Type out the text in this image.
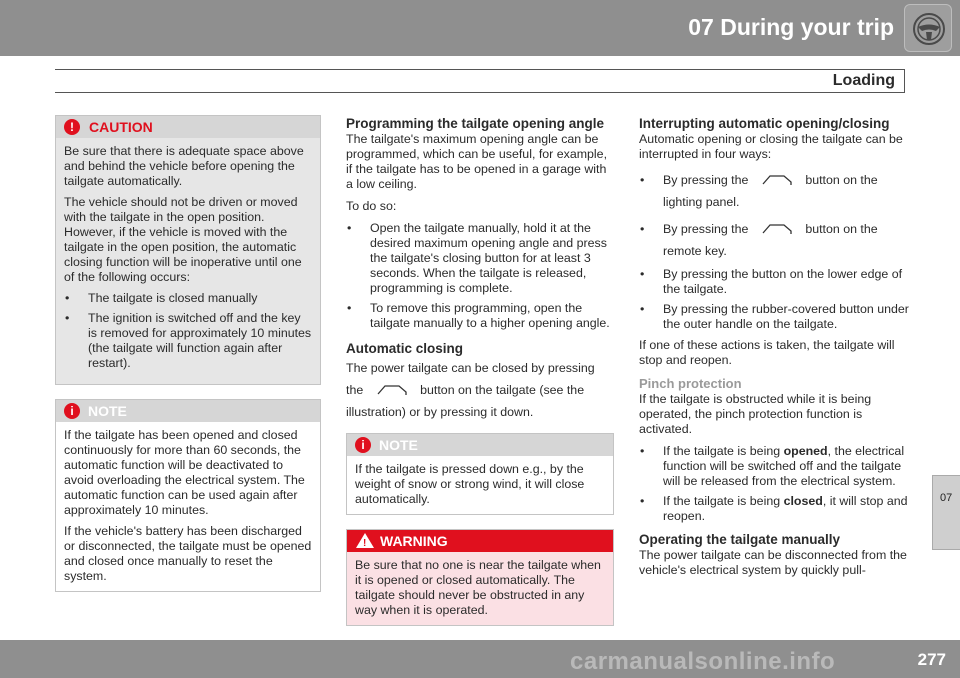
07 During your trip
Loading
07
!	CAUTION

Be sure that there is adequate space above and behind the vehicle before opening the tailgate automatically.

The vehicle should not be driven or moved with the tailgate in the open position. However, if the vehicle is moved with the tailgate in the open position, the automatic closing function will be inoperative until one of the following occurs:

• The tailgate is closed manually
• The ignition is switched off and the key is removed for approximately 10 minutes (the tailgate will function again after restart).
i	NOTE

If the tailgate has been opened and closed continuously for more than 60 seconds, the automatic function will be deactivated to avoid overloading the electrical system. The automatic function can be used again after approximately 10 minutes.

If the vehicle's battery has been discharged or disconnected, the tailgate must be opened and closed once manually to reset the system.

Programming the tailgate opening angle

The tailgate's maximum opening angle can be programmed, which can be useful, for example, if the tailgate has to be opened in a garage with a low ceiling.

To do so:

• Open the tailgate manually, hold it at the desired maximum opening angle and press the tailgate's closing button for at least 3 seconds. When the tailgate is released, programming is complete.
• To remove this programming, open the tailgate manually to a higher opening angle.
Automatic closing

The power tailgate can be closed by pressing the	button on the tailgate (see the illustration) or by pressing it down.

i	NOTE

If the tailgate is pressed down e.g., by the weight of snow or strong wind, it will close automatically.

! WARNING

Be sure that no one is near the tailgate when it is opened or closed automatically. The tailgate should never be obstructed in any way when it is operated.

Interrupting automatic opening/closing

Automatic opening or closing the tailgate can be interrupted in four ways:

• By pressing the	button on the lighting panel.
• By pressing the	button on the remote key.
• By pressing the button on the lower edge of the tailgate.
• By pressing the rubber-covered button under the outer handle on the tailgate.

If one of these actions is taken, the tailgate will stop and reopen.

Pinch protection

If the tailgate is obstructed while it is being operated, the pinch protection function is activated.

• If the tailgate is being opened, the electrical function will be switched off and the tailgate will be released from the electrical system.
• If the tailgate is being closed, it will stop and reopen.
Operating the tailgate manually

The power tailgate can be disconnected from the vehicle's electrical system by quickly pull-

277
carmanualsonline.info
